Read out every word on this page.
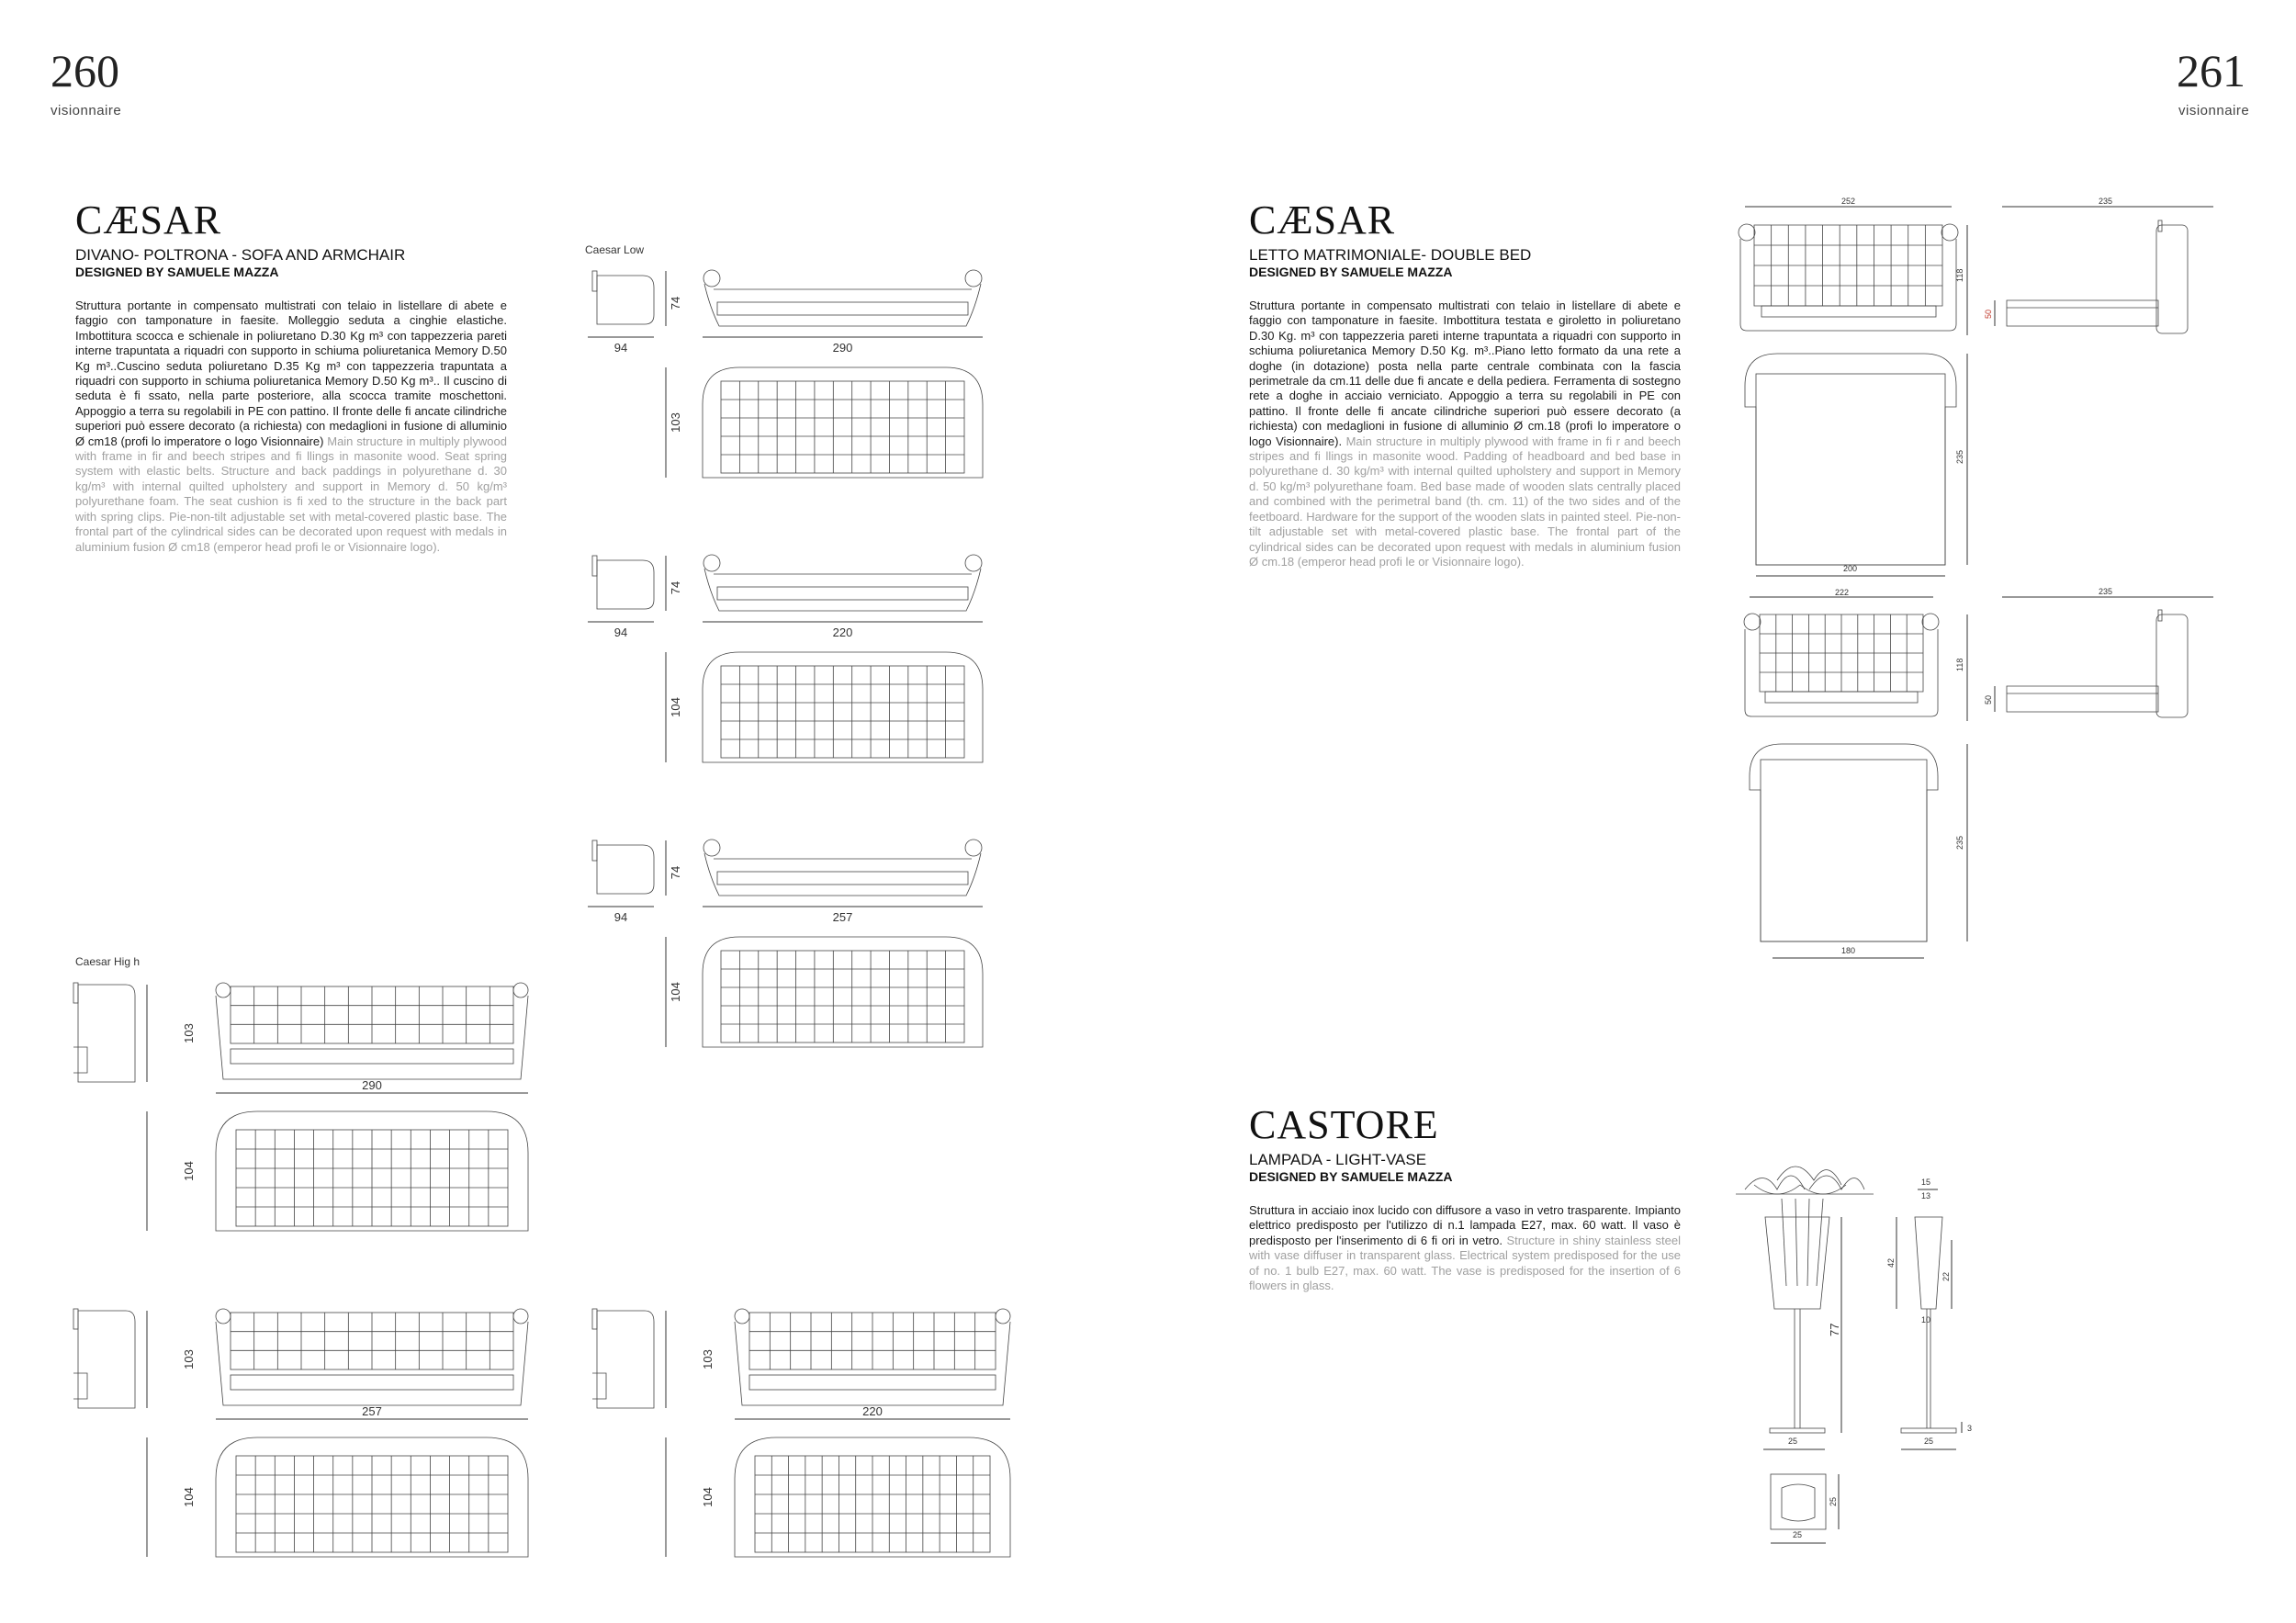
260
visionnaire
CÆSAR
DIVANO- POLTRONA - SOFA AND ARMCHAIR
DESIGNED BY SAMUELE MAZZA
Struttura portante in compensato multistrati con telaio in listellare di abete e faggio con tamponature in faesite. Molleggio seduta a cinghie elastiche. Imbottitura scocca e schienale in poliuretano D.30 Kg m³ con tappezzeria pareti interne trapuntata a riquadri con supporto in schiuma poliuretanica Memory D.50 Kg m³..Cuscino seduta poliuretano D.35 Kg m³ con tappezzeria trapuntata a riquadri con supporto in schiuma poliuretanica Memory D.50 Kg m³.. Il cuscino di seduta è fi ssato, nella parte posteriore, alla scocca tramite moschettoni. Appoggio a terra su regolabili in PE con pattino. Il fronte delle fi ancate cilindriche superiori può essere decorato (a richiesta) con medaglioni in fusione di alluminio Ø cm18 (profi lo imperatore o logo Visionnaire) Main structure in multiply plywood with frame in fir and beech stripes and fi llings in masonite wood. Seat spring system with elastic belts. Structure and back paddings in polyurethane d. 30 kg/m³ with internal quilted upholstery and support in Memory d. 50 kg/m³ polyurethane foam. The seat cushion is fi xed to the structure in the back part with spring clips. Pie-non-tilt adjustable set with metal-covered plastic base. The frontal part of the cylindrical sides can be decorated upon request with medals in aluminium fusion Ø cm18 (emperor head profi le or Visionnaire logo).
Caesar Low
Caesar Hig h
94
74
290
103
94
74
220
104
94
74
257
104
103
290
104
103
257
104
103
220
104
261
visionnaire
CÆSAR
LETTO MATRIMONIALE- DOUBLE BED
DESIGNED BY SAMUELE MAZZA
Struttura portante in compensato multistrati con telaio in listellare di abete e faggio con tamponature in faesite. Imbottitura testata e giroletto in poliuretano D.30 Kg. m³ con tappezzeria pareti interne trapuntata a riquadri con supporto in schiuma poliuretanica Memory D.50 Kg. m³..Piano letto formato da una rete a doghe (in dotazione) posta nella parte centrale combinata con la fascia perimetrale da cm.11 delle due fi ancate e della pediera. Ferramenta di sostegno rete a doghe in acciaio verniciato. Appoggio a terra su regolabili in PE con pattino. Il fronte delle fi ancate cilindriche superiori può essere decorato (a richiesta) con medaglioni in fusione di alluminio Ø cm.18 (profi lo imperatore o logo Visionnaire). Main structure in multiply plywood with frame in fi r and beech stripes and fi llings in masonite wood. Padding of headboard and bed base in polyurethane d. 30 kg/m³ with internal quilted upholstery and support in Memory d. 50 kg/m³ polyurethane foam. Bed base made of wooden slats centrally placed and combined with the perimetral band (th. cm. 11) of the two sides and of the feetboard. Hardware for the support of the wooden slats in painted steel. Pie-non-tilt adjustable set with metal-covered plastic base. The frontal part of the cylindrical sides can be decorated upon request with medals in aluminium fusion Ø cm.18 (emperor head profi le or Visionnaire logo).
CASTORE
LAMPADA - LIGHT-VASE
DESIGNED BY SAMUELE MAZZA
Struttura in acciaio inox lucido con diffusore a vaso in vetro trasparente. Impianto elettrico predisposto per l'utilizzo di n.1 lampada E27, max. 60 watt. Il vaso è predisposto per l'inserimento di 6 fi ori in vetro. Structure in shiny stainless steel with vase diffuser in transparent glass. Electrical system predisposed for the use of no. 1 bulb E27, max. 60 watt. The vase is predisposed for the insertion of 6 flowers in glass.
252
118
235
50
235
200
222
118
235
50
235
180
77
25
15
13
42
22
10
3
25
25
25
